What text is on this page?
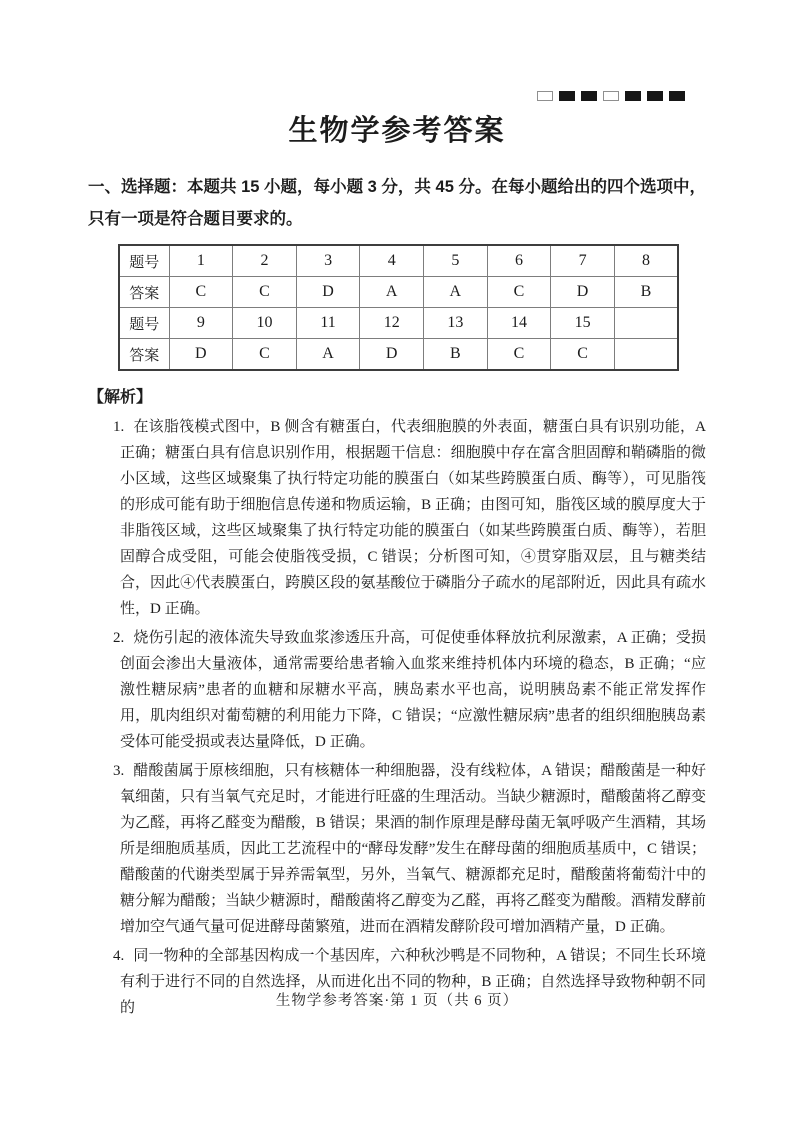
生物学参考答案
一、选择题：本题共 15 小题，每小题 3 分，共 45 分。在每小题给出的四个选项中，只有一项是符合题目要求的。
题号	1	2	3	4	5	6	7	8
答案	C	C	D	A	A	C	D	B
题号	9	10	11	12	13	14	15	
答案	D	C	A	D	B	C	C	
【解析】
1. 在该脂筏模式图中，B 侧含有糖蛋白，代表细胞膜的外表面，糖蛋白具有识别功能，A 正确；糖蛋白具有信息识别作用，根据题干信息：细胞膜中存在富含胆固醇和鞘磷脂的微小区域，这些区域聚集了执行特定功能的膜蛋白（如某些跨膜蛋白质、酶等），可见脂筏的形成可能有助于细胞信息传递和物质运输，B 正确；由图可知，脂筏区域的膜厚度大于非脂筏区域，这些区域聚集了执行特定功能的膜蛋白（如某些跨膜蛋白质、酶等），若胆固醇合成受阻，可能会使脂筏受损，C 错误；分析图可知，④贯穿脂双层，且与糖类结合，因此④代表膜蛋白，跨膜区段的氨基酸位于磷脂分子疏水的尾部附近，因此具有疏水性，D 正确。
2. 烧伤引起的液体流失导致血浆渗透压升高，可促使垂体释放抗利尿激素，A 正确；受损创面会渗出大量液体，通常需要给患者输入血浆来维持机体内环境的稳态，B 正确；“应激性糖尿病”患者的血糖和尿糖水平高，胰岛素水平也高，说明胰岛素不能正常发挥作用，肌肉组织对葡萄糖的利用能力下降，C 错误；“应激性糖尿病”患者的组织细胞胰岛素受体可能受损或表达量降低，D 正确。
3. 醋酸菌属于原核细胞，只有核糖体一种细胞器，没有线粒体，A 错误；醋酸菌是一种好氧细菌，只有当氧气充足时，才能进行旺盛的生理活动。当缺少糖源时，醋酸菌将乙醇变为乙醛，再将乙醛变为醋酸，B 错误；果酒的制作原理是酵母菌无氧呼吸产生酒精，其场所是细胞质基质，因此工艺流程中的“酵母发酵”发生在酵母菌的细胞质基质中，C 错误；醋酸菌的代谢类型属于异养需氧型，另外，当氧气、糖源都充足时，醋酸菌将葡萄汁中的糖分解为醋酸；当缺少糖源时，醋酸菌将乙醇变为乙醛，再将乙醛变为醋酸。酒精发酵前增加空气通气量可促进酵母菌繁殖，进而在酒精发酵阶段可增加酒精产量，D 正确。
4. 同一物种的全部基因构成一个基因库，六种秋沙鸭是不同物种，A 错误；不同生长环境有利于进行不同的自然选择，从而进化出不同的物种，B 正确；自然选择导致物种朝不同的	生物学参考答案·第 1 页（共 6 页）
